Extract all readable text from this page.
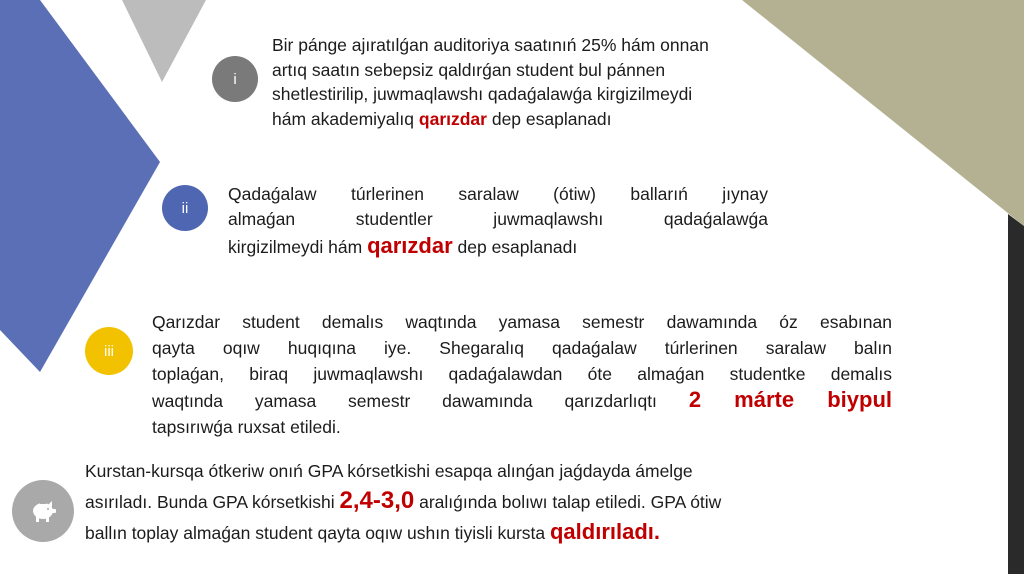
i
Bir pánge ajıratılǵan auditoriya saatınıń 25% hám onnan
artıq saatın sebepsiz qaldırǵan student bul pánnen
shetlestirilip, juwmaqlawshı qadaǵalawǵa kirgizilmeydi
hám akademiyalıq qarızdar dep esaplanadı
ii
Qadaǵalaw túrlerinen saralaw (ótiw) ballarıń jıynay
almaǵan studentler juwmaqlawshı qadaǵalawǵa
kirgizilmeydi hám qarızdar dep esaplanadı
iii
Qarızdar student demalıs waqtında yamasa semestr dawamında óz esabınan
qayta oqıw huqıqına iye. Shegaralıq qadaǵalaw túrlerinen saralaw balın
toplaǵan, biraq juwmaqlawshı qadaǵalawdan óte almaǵan studentke demalıs
waqtında yamasa semestr dawamında qarızdarlıqtı 2 márte biypul
tapsırıwǵa ruxsat etiledi.
Kurstan-kursqa ótkeriw onıń GPA kórsetkishi esapqa alınǵan jaǵdayda ámelge
asırıladı. Bunda GPA kórsetkishi 2,4-3,0 aralıǵında bolıwı talap etiledi. GPA ótiw
ballın toplay almaǵan student qayta oqıw ushın tiyisli kursta qaldırıladı.
